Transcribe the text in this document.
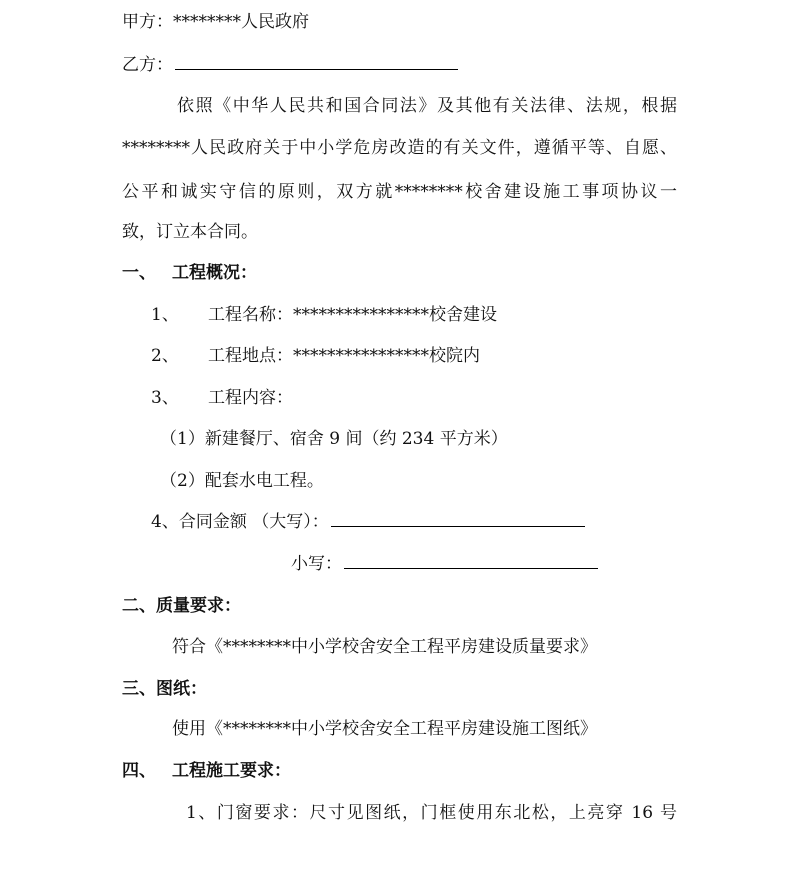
甲方：********人民政府
乙方：
依照《中华人民共和国合同法》及其他有关法律、法规，根据
********人民政府关于中小学危房改造的有关文件，遵循平等、自愿、
公平和诚实守信的原则，双方就********校舍建设施工事项协议一
致，订立本合同。
一、 工程概况：
1、 工程名称：****************校舍建设
2、 工程地点：****************校院内
3、 工程内容：
（1）新建餐厅、宿舍 9 间（约 234 平方米）
（2）配套水电工程。
4、合同金额 （大写）：
小写：
二、质量要求：
符合《********中小学校舍安全工程平房建设质量要求》
三、图纸：
使用《********中小学校舍安全工程平房建设施工图纸》
四、 工程施工要求：
1、门窗要求：尺寸见图纸，门框使用东北松，上亮穿 16 号
